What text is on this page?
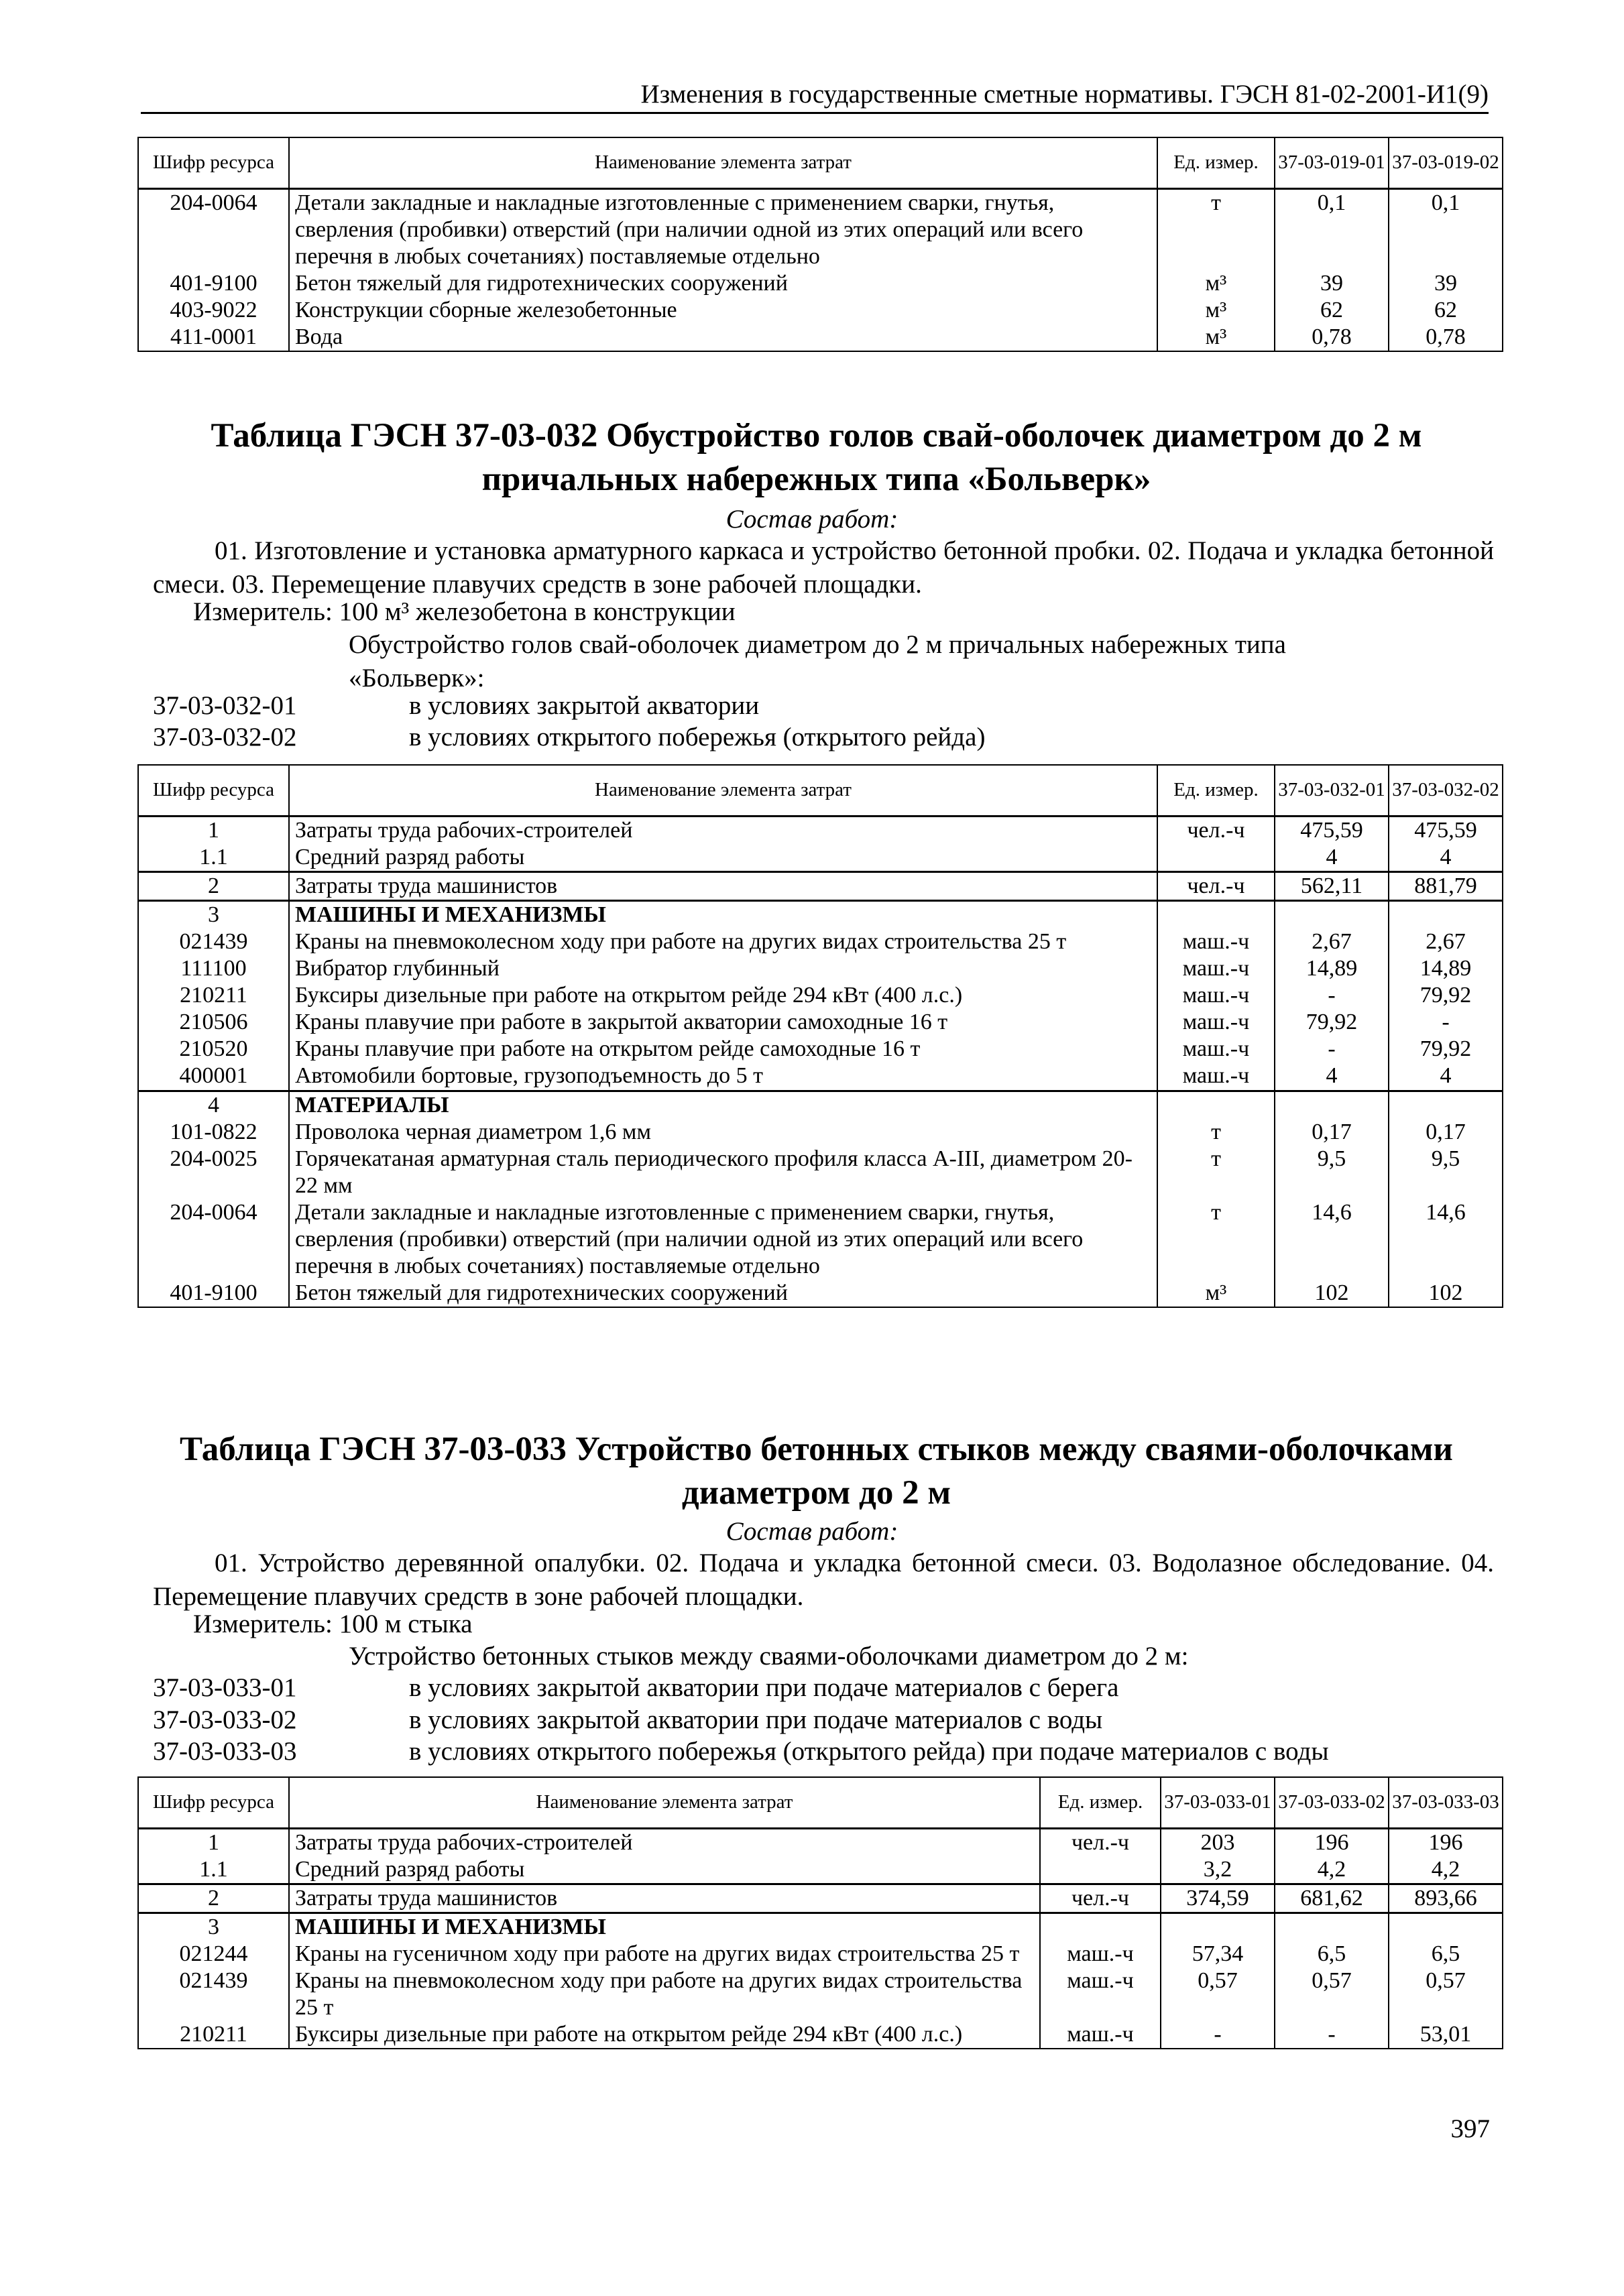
Изменения в государственные сметные нормативы. ГЭСН 81-02-2001-И1(9)
Шифр ресурса	Наименование элемента затрат	Ед. измер.	37-03-019-01	37-03-019-02
204-0064	Детали закладные и накладные изготовленные с применением сварки, гнутья, сверления (пробивки) отверстий (при наличии одной из этих операций или всего перечня в любых сочетаниях) поставляемые отдельно	т	0,1	0,1
401-9100	Бетон тяжелый для гидротехнических сооружений	м³	39	39
403-9022	Конструкции сборные железобетонные	м³	62	62
411-0001	Вода	м³	0,78	0,78
Таблица ГЭСН 37-03-032 Обустройство голов свай-оболочек диаметром до 2 м причальных набережных типа «Больверк»
Состав работ:
01. Изготовление и установка арматурного каркаса и устройство бетонной пробки. 02. Подача и укладка бетонной смеси. 03. Перемещение плавучих средств в зоне рабочей площадки.
Измеритель: 100 м³ железобетона в конструкции
Обустройство голов свай-оболочек диаметром до 2 м причальных набережных типа «Больверк»:
37-03-032-01	в условиях закрытой акватории
37-03-032-02	в условиях открытого побережья (открытого рейда)
Шифр ресурса	Наименование элемента затрат	Ед. измер.	37-03-032-01	37-03-032-02
1	Затраты труда рабочих-строителей	чел.-ч	475,59	475,59
1.1	Средний разряд работы		4	4
2	Затраты труда машинистов	чел.-ч	562,11	881,79
3	МАШИНЫ И МЕХАНИЗМЫ			
021439	Краны на пневмоколесном ходу при работе на других видах строительства 25 т	маш.-ч	2,67	2,67
111100	Вибратор глубинный	маш.-ч	14,89	14,89
210211	Буксиры дизельные при работе на открытом рейде 294 кВт (400 л.с.)	маш.-ч	-	79,92
210506	Краны плавучие при работе в закрытой акватории самоходные 16 т	маш.-ч	79,92	-
210520	Краны плавучие при работе на открытом рейде самоходные 16 т	маш.-ч	-	79,92
400001	Автомобили бортовые, грузоподъемность до 5 т	маш.-ч	4	4
4	МАТЕРИАЛЫ			
101-0822	Проволока черная диаметром 1,6 мм	т	0,17	0,17
204-0025	Горячекатаная арматурная сталь периодического профиля класса А-III, диаметром 20-22 мм	т	9,5	9,5
204-0064	Детали закладные и накладные изготовленные с применением сварки, гнутья, сверления (пробивки) отверстий (при наличии одной из этих операций или всего перечня в любых сочетаниях) поставляемые отдельно	т	14,6	14,6
401-9100	Бетон тяжелый для гидротехнических сооружений	м³	102	102
Таблица ГЭСН 37-03-033 Устройство бетонных стыков между сваями-оболочками диаметром до 2 м
Состав работ:
01. Устройство деревянной опалубки. 02. Подача и укладка бетонной смеси. 03. Водолазное обследование. 04. Перемещение плавучих средств в зоне рабочей площадки.
Измеритель: 100 м стыка
Устройство бетонных стыков между сваями-оболочками диаметром до 2 м:
37-03-033-01	в условиях закрытой акватории при подаче материалов с берега
37-03-033-02	в условиях закрытой акватории при подаче материалов с воды
37-03-033-03	в условиях открытого побережья (открытого рейда) при подаче материалов с воды
Шифр ресурса	Наименование элемента затрат	Ед. измер.	37-03-033-01	37-03-033-02	37-03-033-03
1	Затраты труда рабочих-строителей	чел.-ч	203	196	196
1.1	Средний разряд работы		3,2	4,2	4,2
2	Затраты труда машинистов	чел.-ч	374,59	681,62	893,66
3	МАШИНЫ И МЕХАНИЗМЫ				
021244	Краны на гусеничном ходу при работе на других видах строительства 25 т	маш.-ч	57,34	6,5	6,5
021439	Краны на пневмоколесном ходу при работе на других видах строительства 25 т	маш.-ч	0,57	0,57	0,57
210211	Буксиры дизельные при работе на открытом рейде 294 кВт (400 л.с.)	маш.-ч	-	-	53,01
397
